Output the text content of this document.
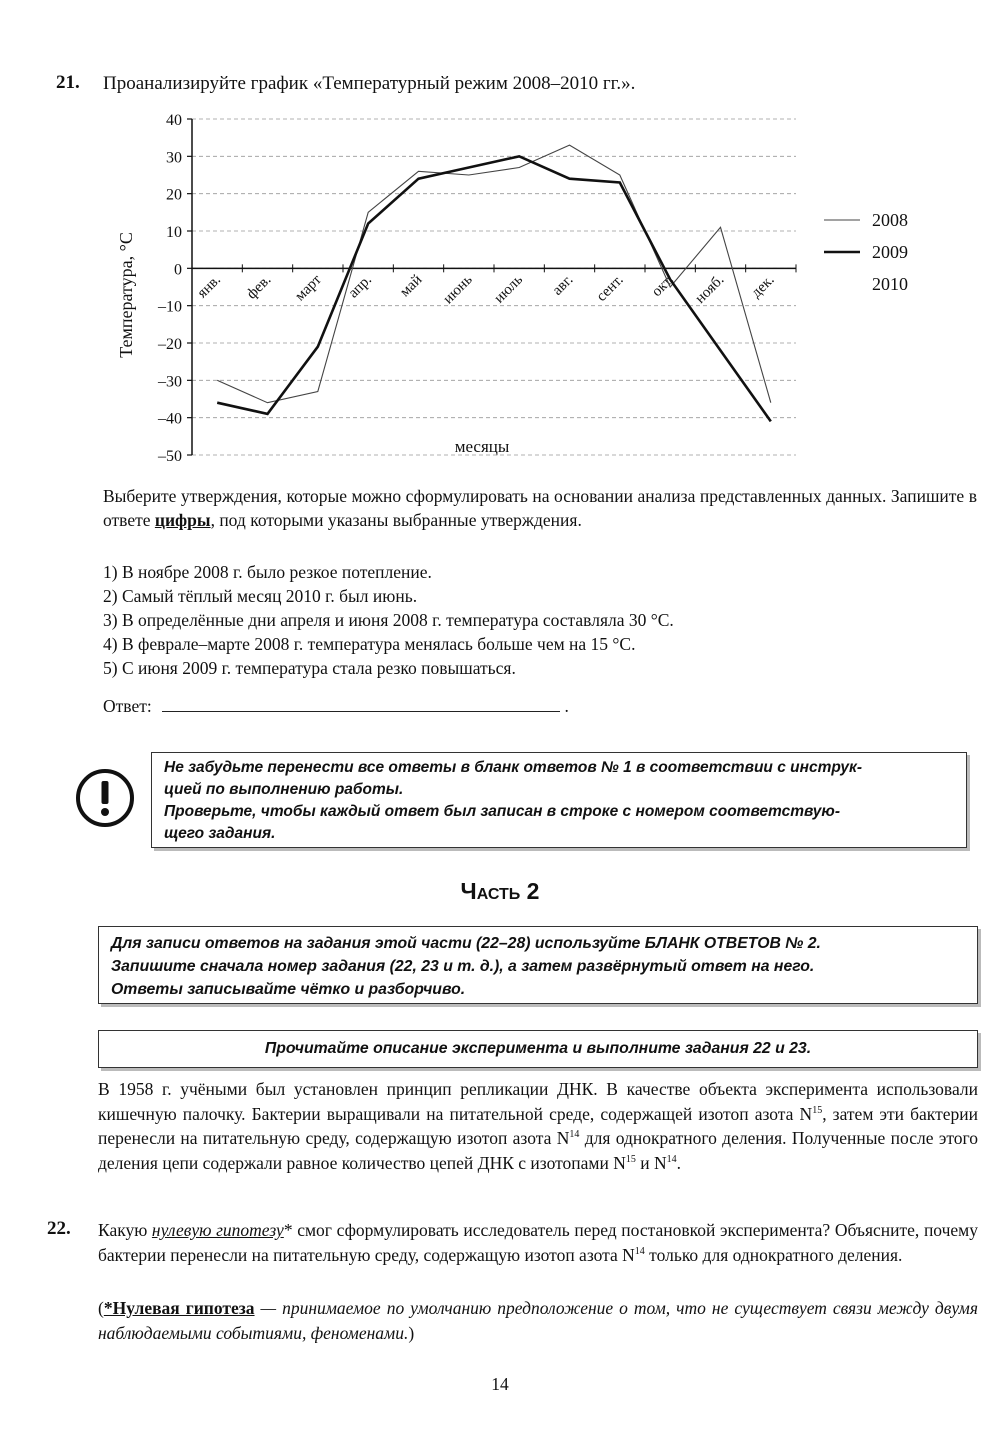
21. Проанализируйте график «Температурный режим 2008–2010 гг.».
40
30
20
10
0
–10
–20
–30
–40
–50
янв. фев. март апр. май июнь июль авг. сент. окт. нояб. дек.
2008
2009
2010
Температура, °С
месяцы
Выберите утверждения, которые можно сформулировать на основании анализа представленных данных. Запишите в ответе цифры, под которыми указаны выбранные утверждения.
1) В ноябре 2008 г. было резкое потепление.
2) Самый тёплый месяц 2010 г. был июнь.
3) В определённые дни апреля и июня 2008 г. температура составляла 30 °С.
4) В феврале–марте 2008 г. температура менялась больше чем на 15 °С.
5) С июня 2009 г. температура стала резко повышаться.
Ответ:	.
Не забудьте перенести все ответы в бланк ответов № 1 в соответствии с инструк-
цией по выполнению работы.
Проверьте, чтобы каждый ответ был записан в строке с номером соответствую-
щего задания.
Часть 2
Для записи ответов на задания этой части (22–28) используйте БЛАНК ОТВЕТОВ № 2.
Запишите сначала номер задания (22, 23 и т. д.), а затем развёрнутый ответ на него.
Ответы записывайте чётко и разборчиво.
Прочитайте описание эксперимента и выполните задания 22 и 23.
В 1958 г. учёными был установлен принцип репликации ДНК. В качестве объекта эксперимента использовали кишечную палочку. Бактерии выращивали на питательной среде, содержащей изотоп азота $N^{15}$, затем эти бактерии перенесли на питательную среду, содержащую изотоп азота $N^{14}$ для однократного деления. Полученные после этого деления цепи содержали равное количество цепей ДНК с изотопами $N^{15}$ и $N^{14}$.
22. Какую нулевую гипотезу* смог сформулировать исследователь перед постановкой эксперимента? Объясните, почему бактерии перенесли на питательную среду, содержащую изотоп азота $N^{14}$ только для однократного деления.
(*Нулевая гипотеза — принимаемое по умолчанию предположение о том, что не существует связи между двумя наблюдаемыми событиями, феноменами.)
14
